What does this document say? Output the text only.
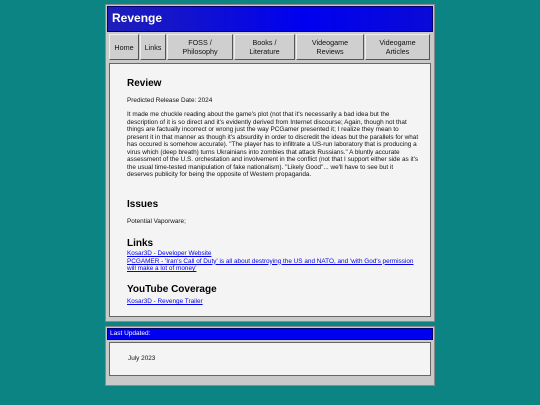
Revenge
Home Links	FOSS /
Philosophy
Books /
Literature
Videogame
Reviews
Videogame
Articles
Review

Predicted Release Date: 2024

It made me chuckle reading about the game's plot (not that it's necessarily a bad idea but the description of it is so direct and it's evidently derived from Internet discourse; Again, though not that things are factually incorrect or wrong just the way PCGamer presented it; I realize they mean to present it in that manner as though it's absurdity in order to discredit the ideas but the parallels for what has occured is somehow accurate). "The player has to infiltrate a US-run laboratory that is producing a virus which (deep breath) turns Ukrainians into zombies that attack Russians." A bluntly accurate assessment of the U.S. orchestation and involvement in the conflict (not that I support either side as it's the usual time-tested manipulation of fake nationalism). "Likely Good"... we'll have to see but it deserves publicity for being the opposite of Western propaganda.

Issues

Potential Vaporware;

Links

Kosar3D - Developer Website
PCGAMER - 'Iran's Call of Duty' is all about destroying the US and NATO, and 'with God's permission will make a lot of money'

YouTube Coverage

Kosar3D - Revenge Trailer

Last Updated:
July 2023
